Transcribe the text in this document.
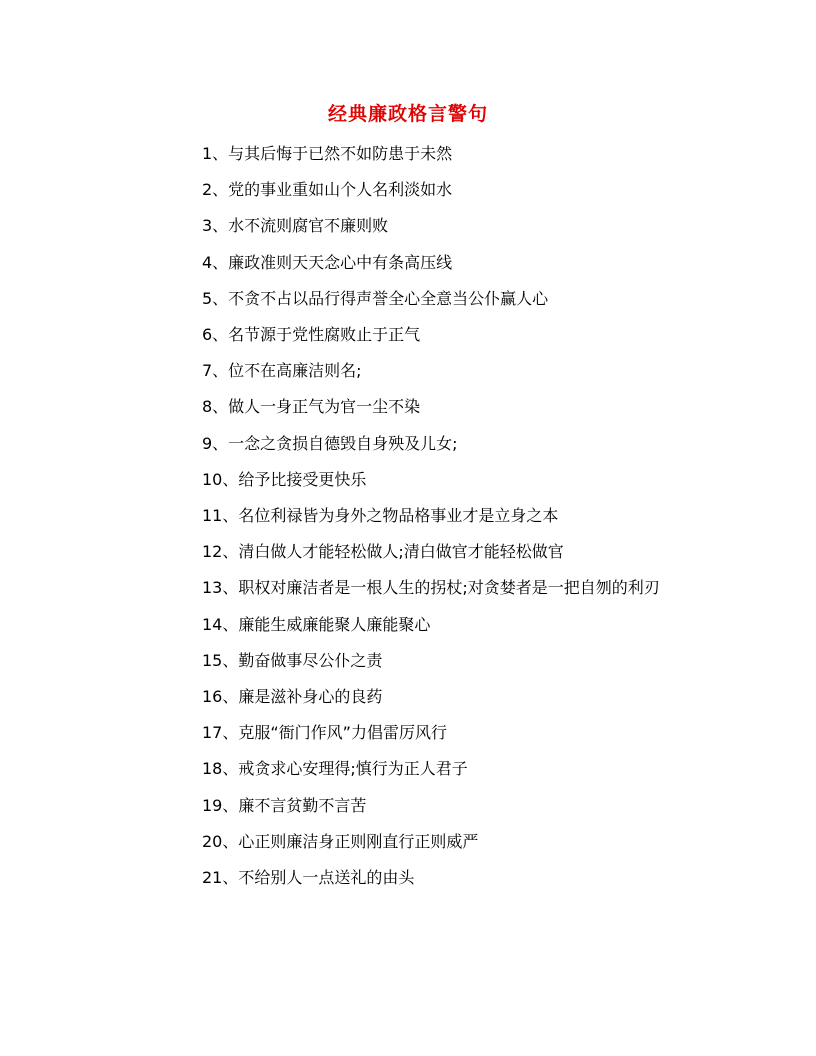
经典廉政格言警句
1、与其后悔于已然不如防患于未然
2、党的事业重如山个人名利淡如水
3、水不流则腐官不廉则败
4、廉政准则天天念心中有条高压线
5、不贪不占以品行得声誉全心全意当公仆赢人心
6、名节源于党性腐败止于正气
7、位不在高廉洁则名;
8、做人一身正气为官一尘不染
9、一念之贪损自德毁自身殃及儿女;
10、给予比接受更快乐
11、名位利禄皆为身外之物品格事业才是立身之本
12、清白做人才能轻松做人;清白做官才能轻松做官
13、职权对廉洁者是一根人生的拐杖;对贪婪者是一把自刎的利刃
14、廉能生威廉能聚人廉能聚心
15、勤奋做事尽公仆之责
16、廉是滋补身心的良药
17、克服“衙门作风”力倡雷厉风行
18、戒贪求心安理得;慎行为正人君子
19、廉不言贫勤不言苦
20、心正则廉洁身正则刚直行正则威严
21、不给别人一点送礼的由头
